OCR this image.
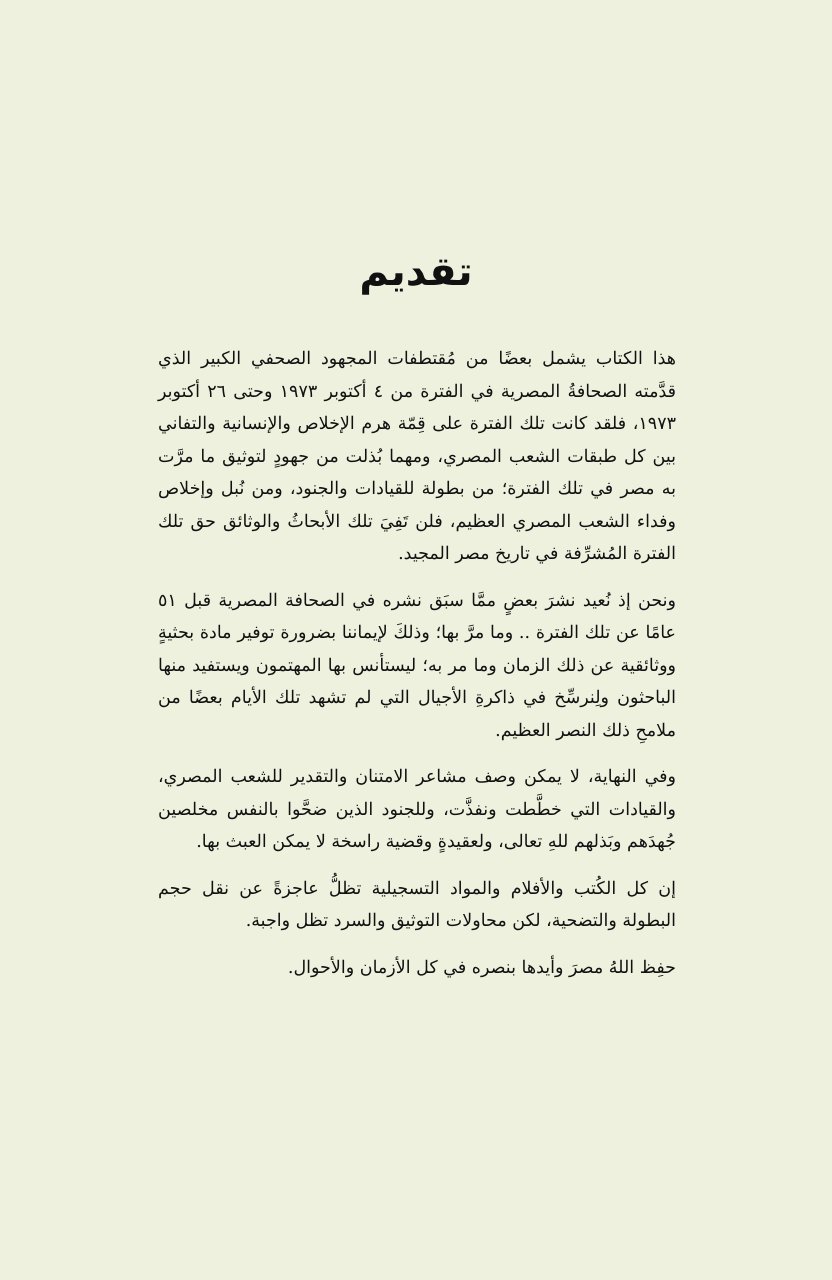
تقديم

هذا الكتاب يشمل بعضًا من مُقتطفات المجهود الصحفي الكبير الذي قدَّمته الصحافةُ المصرية في الفترة من ٤ أكتوبر ١٩٧٣ وحتى ٢٦ أكتوبر ١٩٧٣، فلقد كانت تلك الفترة على قِمّة هرم الإخلاص والإنسانية والتفاني بين كل طبقات الشعب المصري، ومهما بُذلت من جهودٍ لتوثيق ما مرَّت به مصر في تلك الفترة؛ من بطولة للقيادات والجنود، ومن نُبل وإخلاص وفداء الشعب المصري العظيم، فلن تَفِيَ تلك الأبحاثُ والوثائق حق تلك الفترة المُشرِّفة في تاريخ مصر المجيد.

ونحن إذ نُعيد نشرَ بعضٍ ممَّا سبَق نشره في الصحافة المصرية قبل ٥١ عامًا عن تلك الفترة .. وما مرَّ بها؛ وذلكَ لإيماننا بضرورة توفير مادة بحثيةٍ ووثائقية عن ذلك الزمان وما مر به؛ ليستأنس بها المهتمون ويستفيد منها الباحثون ولِنرسِّخ في ذاكرةِ الأجيال التي لم تشهد تلك الأيام بعضًا من ملامحِ ذلك النصر العظيم.

وفي النهاية، لا يمكن وصف مشاعر الامتنان والتقدير للشعب المصري، والقيادات التي خطَّطت ونفذَّت، وللجنود الذين ضحَّوا بالنفس مخلصين جُهدَهم وبَذلهم للهِ تعالى، ولعقيدةٍ وقضية راسخة لا يمكن العبث بها.

إن كل الكُتب والأفلام والمواد التسجيلية تظلُّ عاجزةً عن نقل حجم البطولة والتضحية، لكن محاولات التوثيق والسرد تظل واجبة.

حفِظ اللهُ مصرَ وأيدها بنصره في كل الأزمان والأحوال.
